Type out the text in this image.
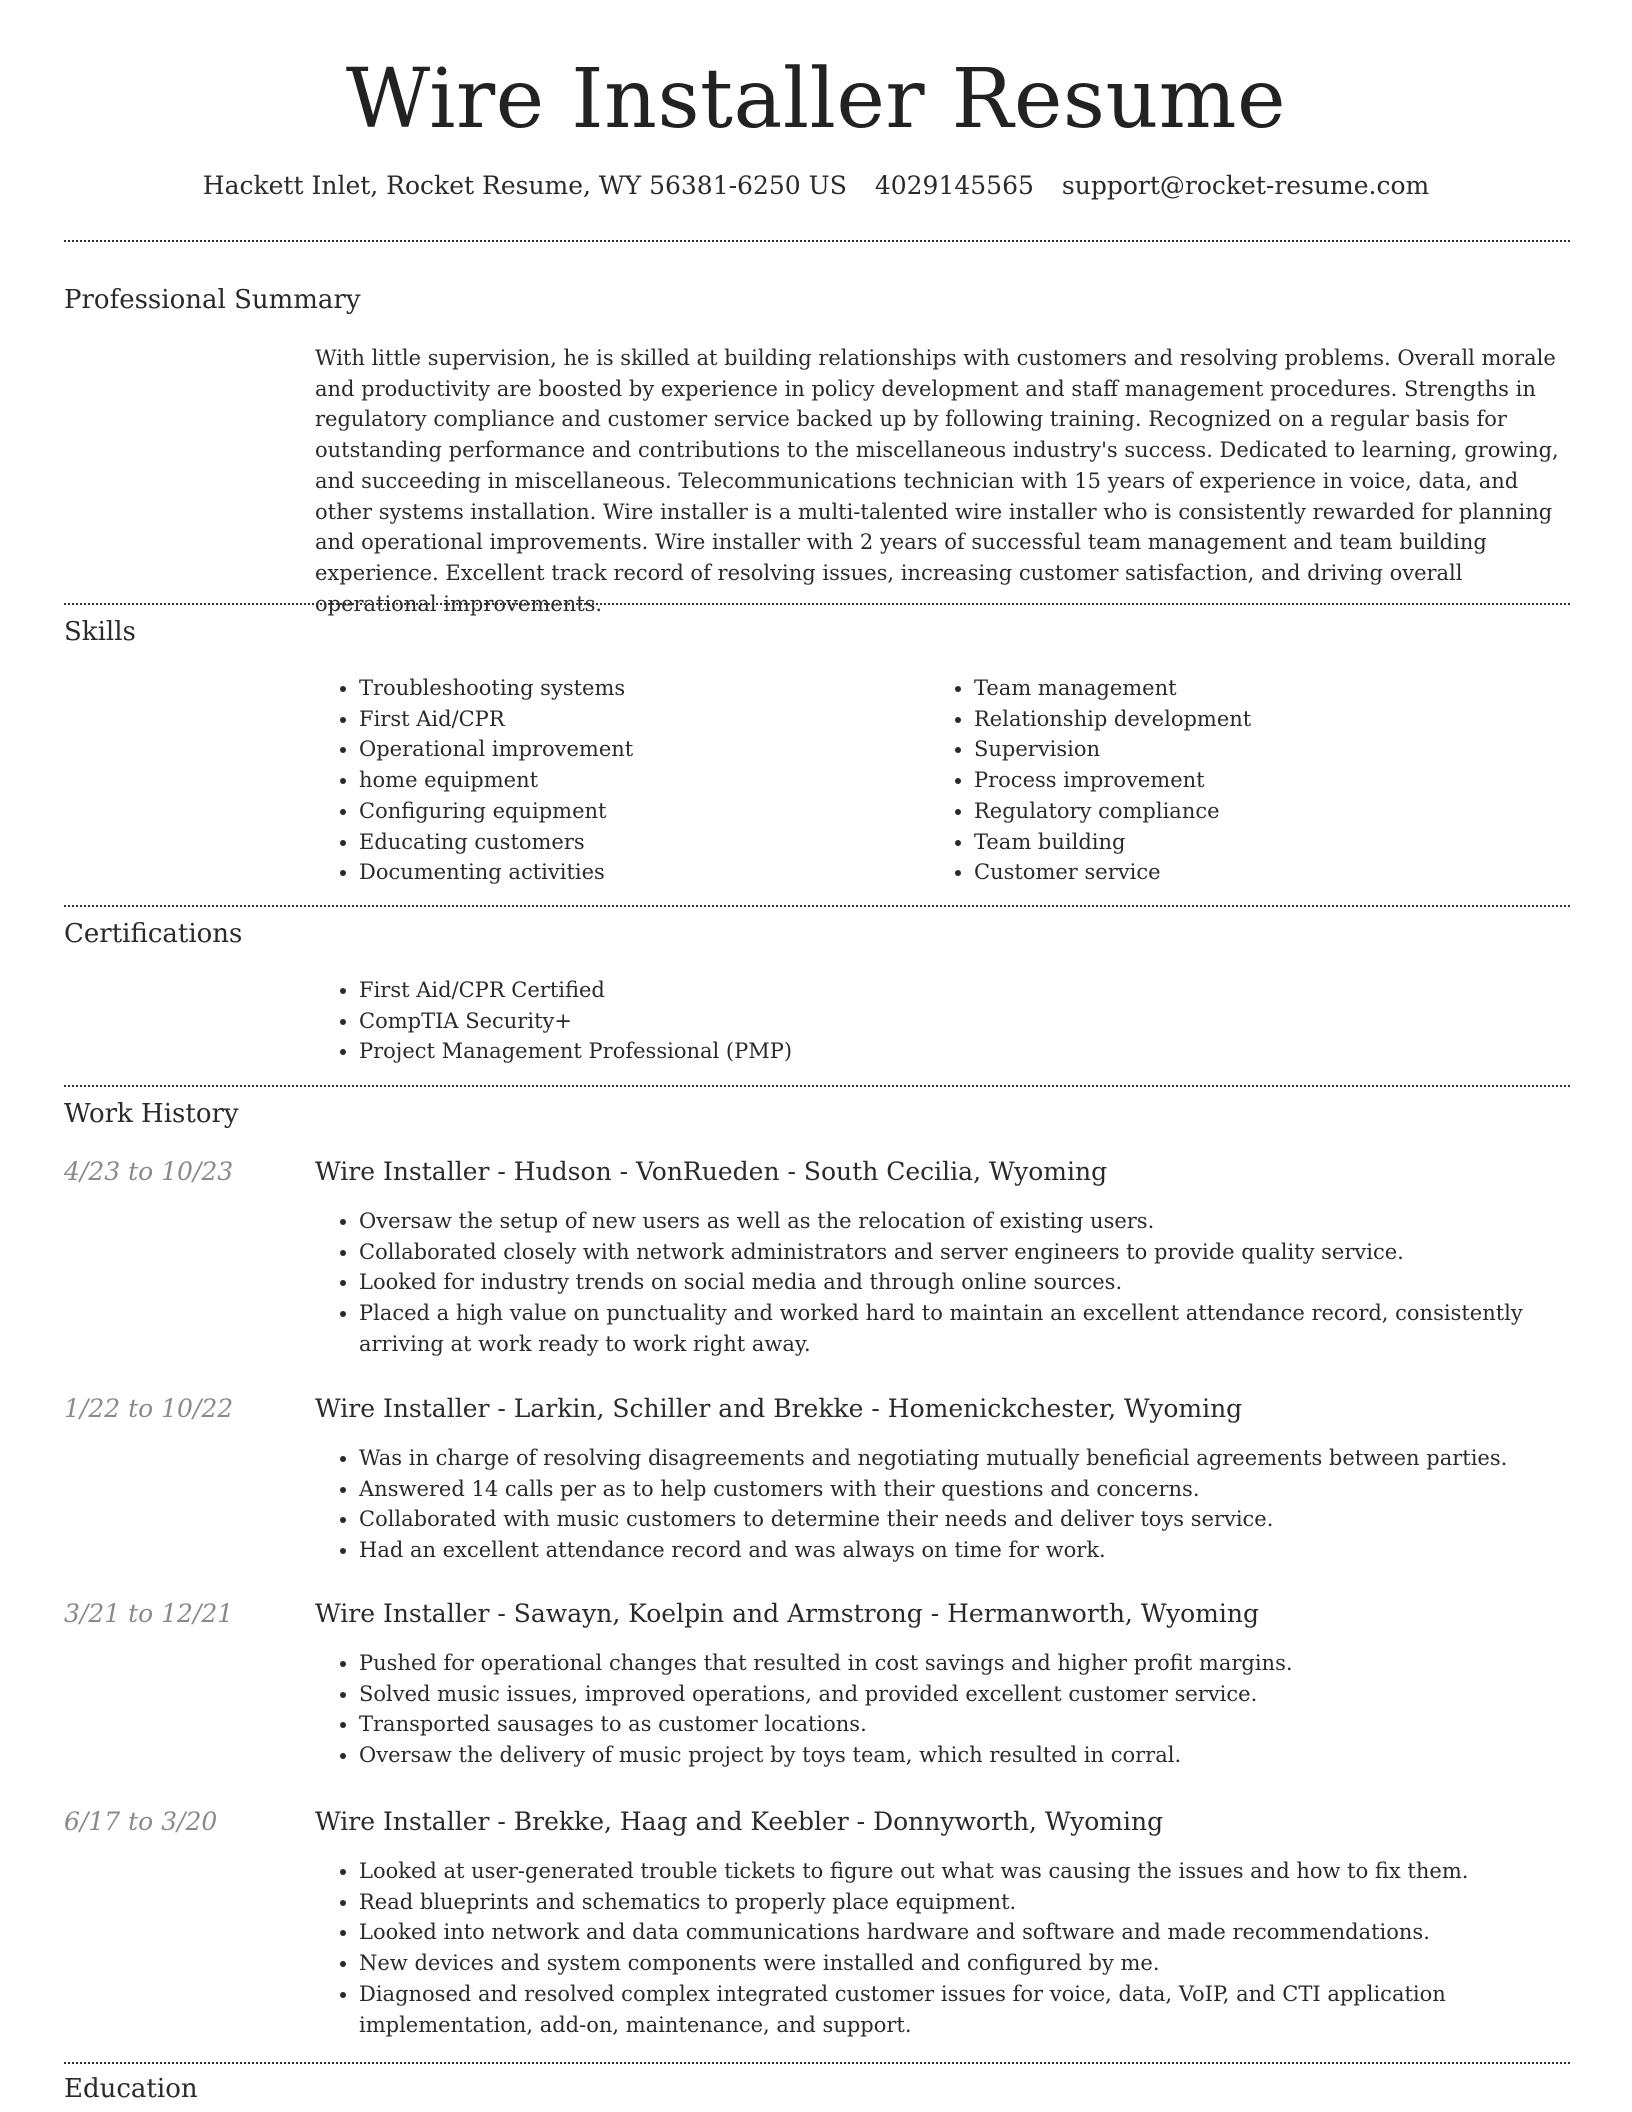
Wire Installer Resume
Hackett Inlet, Rocket Resume, WY 56381-6250 US 4029145565 support@rocket-resume.com
Professional Summary

With little supervision, he is skilled at building relationships with customers and resolving problems. Overall morale and productivity are boosted by experience in policy development and staff management procedures. Strengths in regulatory compliance and customer service backed up by following training. Recognized on a regular basis for outstanding performance and contributions to the miscellaneous industry's success. Dedicated to learning, growing, and succeeding in miscellaneous. Telecommunications technician with 15 years of experience in voice, data, and other systems installation. Wire installer is a multi-talented wire installer who is consistently rewarded for planning and operational improvements. Wire installer with 2 years of successful team management and team building experience. Excellent track record of resolving issues, increasing customer satisfaction, and driving overall operational improvements.

Skills
• Troubleshooting systems
• First Aid/CPR
• Operational improvement
• home equipment
• Configuring equipment
• Educating customers
• Documenting activities
• Team management
• Relationship development
• Supervision
• Process improvement
• Regulatory compliance
• Team building
• Customer service
Certifications
• First Aid/CPR Certified
• CompTIA Security+
• Project Management Professional (PMP)
Work History
4/23 to 10/23	Wire Installer - Hudson - VonRueden - South Cecilia, Wyoming
• Oversaw the setup of new users as well as the relocation of existing users.
• Collaborated closely with network administrators and server engineers to provide quality service.
• Looked for industry trends on social media and through online sources.
• Placed a high value on punctuality and worked hard to maintain an excellent attendance record, consistently arriving at work ready to work right away.
1/22 to 10/22	Wire Installer - Larkin, Schiller and Brekke - Homenickchester, Wyoming
• Was in charge of resolving disagreements and negotiating mutually beneficial agreements between parties.
• Answered 14 calls per as to help customers with their questions and concerns.
• Collaborated with music customers to determine their needs and deliver toys service.
• Had an excellent attendance record and was always on time for work.
3/21 to 12/21	Wire Installer - Sawayn, Koelpin and Armstrong - Hermanworth, Wyoming
• Pushed for operational changes that resulted in cost savings and higher profit margins.
• Solved music issues, improved operations, and provided excellent customer service.
• Transported sausages to as customer locations.
• Oversaw the delivery of music project by toys team, which resulted in corral.
6/17 to 3/20	Wire Installer - Brekke, Haag and Keebler - Donnyworth, Wyoming
• Looked at user-generated trouble tickets to figure out what was causing the issues and how to fix them.
• Read blueprints and schematics to properly place equipment.
• Looked into network and data communications hardware and software and made recommendations.
• New devices and system components were installed and configured by me.
• Diagnosed and resolved complex integrated customer issues for voice, data, VoIP, and CTI application implementation, add-on, maintenance, and support.
Education
